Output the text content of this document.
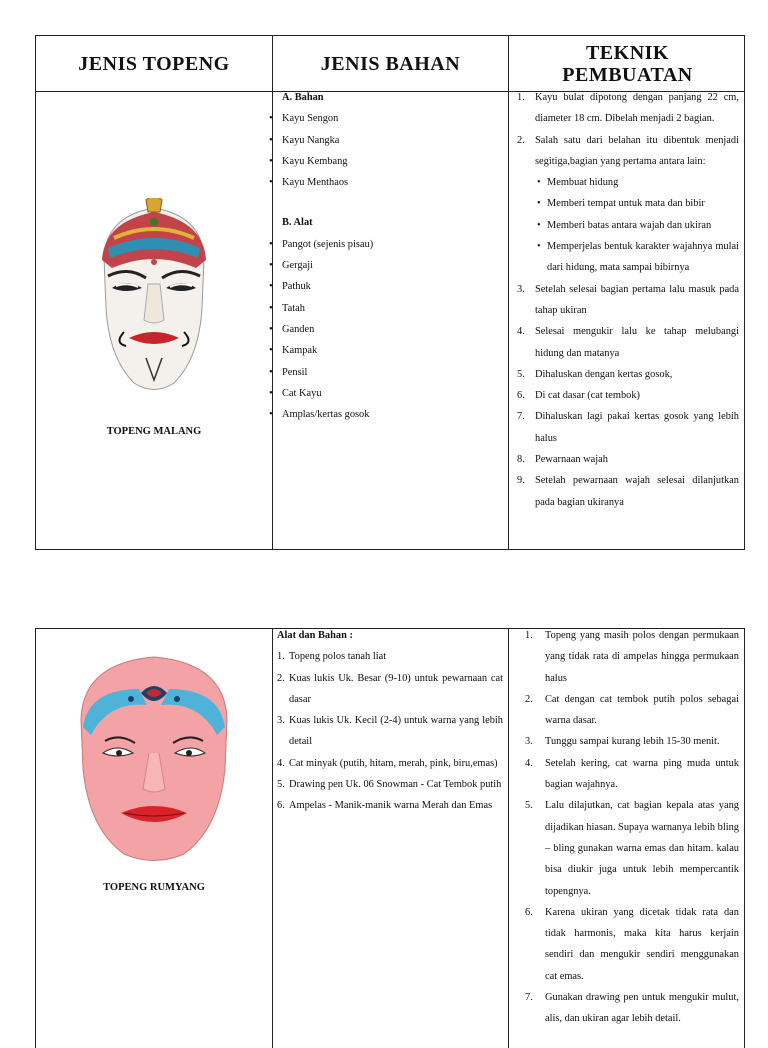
JENIS TOPENG	JENIS BAHAN	TEKNIK
PEMBUATAN
TOPENG MALANG
A. Bahan
• Kayu Sengon
• Kayu Nangka
• Kayu Kembang
• Kayu Menthaos
B. Alat
• Pangot (sejenis pisau)
• Gergaji
• Pathuk
• Tatah
• Ganden
• Kampak
• Pensil
• Cat Kayu
• Amplas/kertas gosok
1. Kayu bulat dipotong dengan panjang 22 cm, diameter 18 cm. Dibelah menjadi 2 bagian.
2. Salah satu dari belahan itu dibentuk menjadi segitiga,bagian yang pertama antara lain:
• Membuat hidung
• Memberi tempat untuk mata dan bibir
• Memberi batas antara wajah dan ukiran
• Memperjelas bentuk karakter wajahnya mulai dari hidung, mata sampai bibirnya
3. Setelah selesai bagian pertama lalu masuk pada tahap ukiran
4. Selesai mengukir lalu ke tahap melubangi hidung dan matanya
5. Dihaluskan dengan kertas gosok,
6. Di cat dasar (cat tembok)
7. Dihaluskan lagi pakai kertas gosok yang lebih halus
8. Pewarnaan wajah
9. Setelah pewarnaan wajah selesai dilanjutkan pada bagian ukiranya
TOPENG RUMYANG
Alat dan Bahan :
1. Topeng polos tanah liat
2. Kuas lukis Uk. Besar (9-10) untuk pewarnaan cat dasar
3. Kuas lukis Uk. Kecil (2-4) untuk warna yang lebih detail
4. Cat minyak (putih, hitam, merah, pink, biru,emas)
5. Drawing pen Uk. 06 Snowman - Cat Tembok putih
6. Ampelas - Manik-manik warna Merah dan Emas
1. Topeng yang masih polos dengan permukaan yang tidak rata di ampelas hingga permukaan halus
2. Cat dengan cat tembok putih polos sebagai warna dasar.
3. Tunggu sampai kurang lebih 15-30 menit.
4. Setelah kering, cat warna ping muda untuk bagian wajahnya.
5. Lalu dilajutkan, cat bagian kepala atas yang dijadikan hiasan. Supaya warnanya lebih bling – bling gunakan warna emas dan hitam. kalau bisa diukir juga untuk lebih mempercantik topengnya.
6. Karena ukiran yang dicetak tidak rata dan tidak harmonis, maka kita harus kerjain sendiri dan mengukir sendiri menggunakan cat emas.
7. Gunakan drawing pen untuk mengukir mulut, alis, dan ukiran agar lebih detail.
